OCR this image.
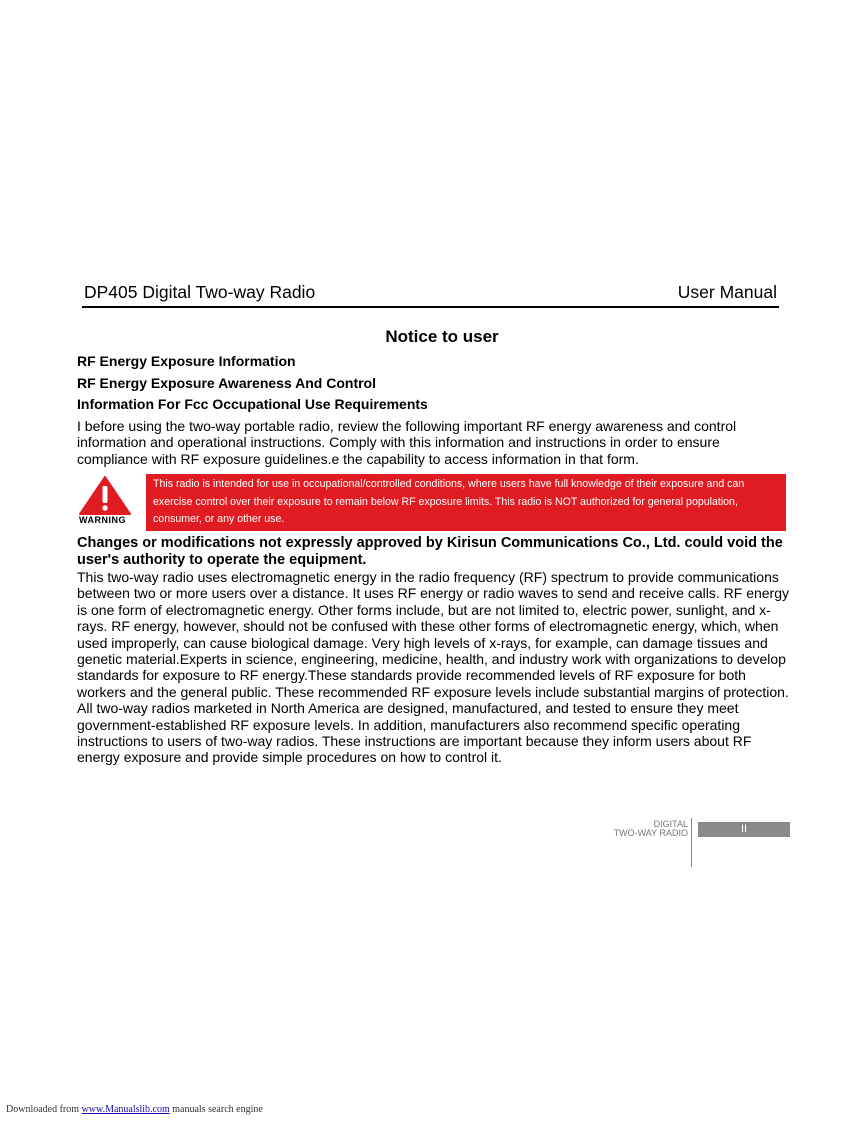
DP405 Digital Two-way Radio	User Manual
Notice to user
RF Energy Exposure Information
RF Energy Exposure Awareness And Control
Information For Fcc Occupational Use Requirements
I before using the two-way portable radio, review the following important RF energy awareness and control information and operational instructions. Comply with this information and instructions in order to ensure compliance with RF exposure guidelines.e the capability to access information in that form.
WARNING
This radio is intended for use in occupational/controlled conditions, where users have full knowledge of their exposure and can exercise control over their exposure to remain below RF exposure limits. This radio is NOT authorized for general population, consumer, or any other use.
Changes or modifications not expressly approved by Kirisun Communications Co., Ltd. could void the user's authority to operate the equipment.
This two-way radio uses electromagnetic energy in the radio frequency (RF) spectrum to provide communications between two or more users over a distance. It uses RF energy or radio waves to send and receive calls. RF energy is one form of electromagnetic energy. Other forms include, but are not limited to, electric power, sunlight, and x-rays. RF energy, however, should not be confused with these other forms of electromagnetic energy, which, when used improperly, can cause biological damage. Very high levels of x-rays, for example, can damage tissues and genetic material.Experts in science, engineering, medicine, health, and industry work with organizations to develop standards for exposure to RF energy.These standards provide recommended levels of RF exposure for both workers and the general public. These recommended RF exposure levels include substantial margins of protection. All two-way radios marketed in North America are designed, manufactured, and tested to ensure they meet government-established RF exposure levels. In addition, manufacturers also recommend specific operating instructions to users of two-way radios. These instructions are important because they inform users about RF energy exposure and provide simple procedures on how to control it.
DIGITAL
TWO-WAY RADIO	II
Downloaded from www.Manualslib.com manuals search engine
